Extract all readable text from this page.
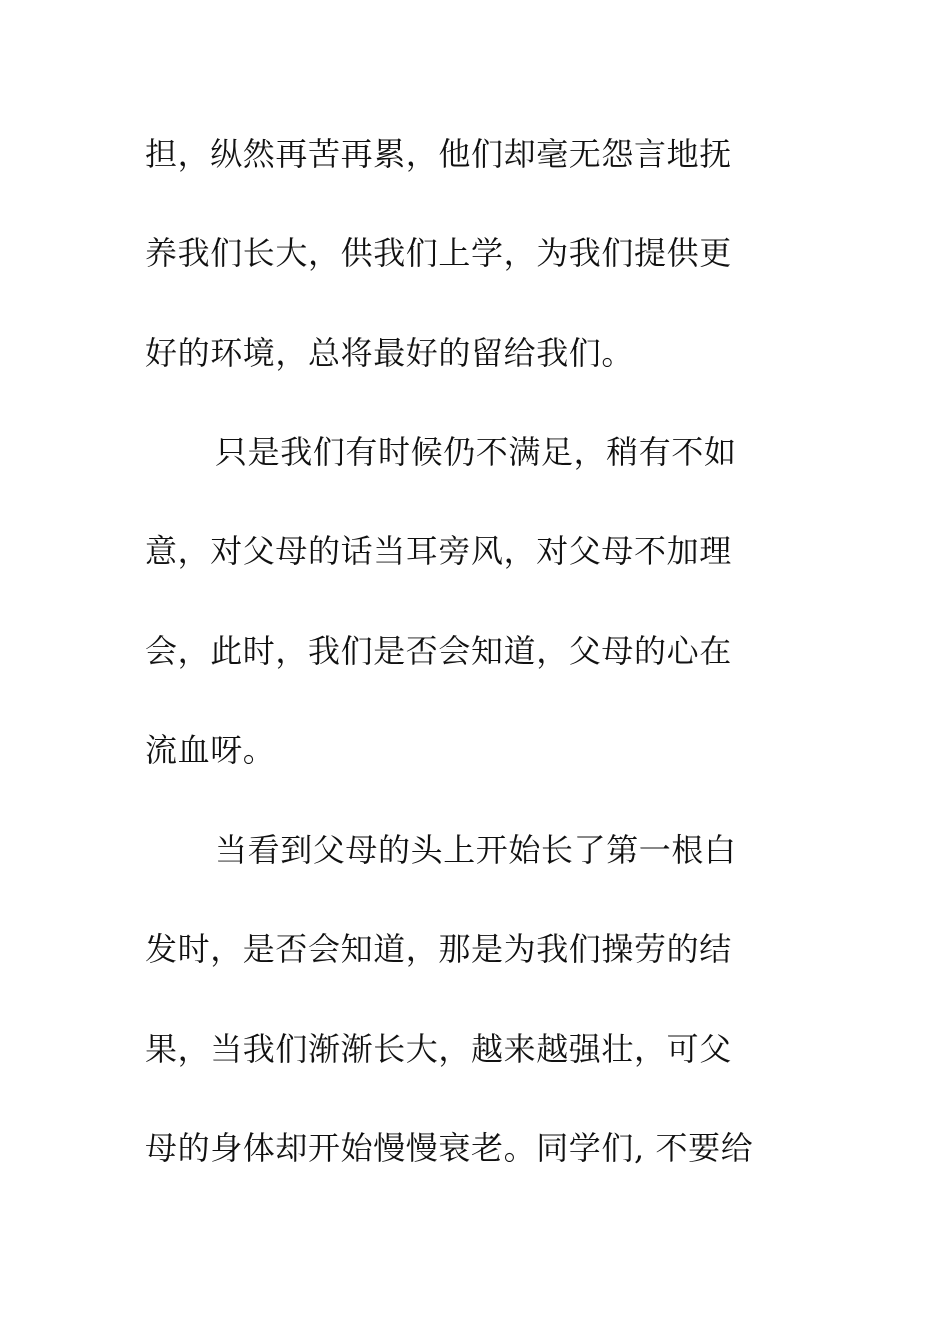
担，纵然再苦再累，他们却毫无怨言地抚

养我们长大，供我们上学，为我们提供更

好的环境，总将最好的留给我们。

只是我们有时候仍不满足，稍有不如

意，对父母的话当耳旁风，对父母不加理

会，此时，我们是否会知道，父母的心在

流血呀。

当看到父母的头上开始长了第一根白

发时，是否会知道，那是为我们操劳的结

果，当我们渐渐长大，越来越强壮，可父

母的身体却开始慢慢衰老。同学们, 不要给
